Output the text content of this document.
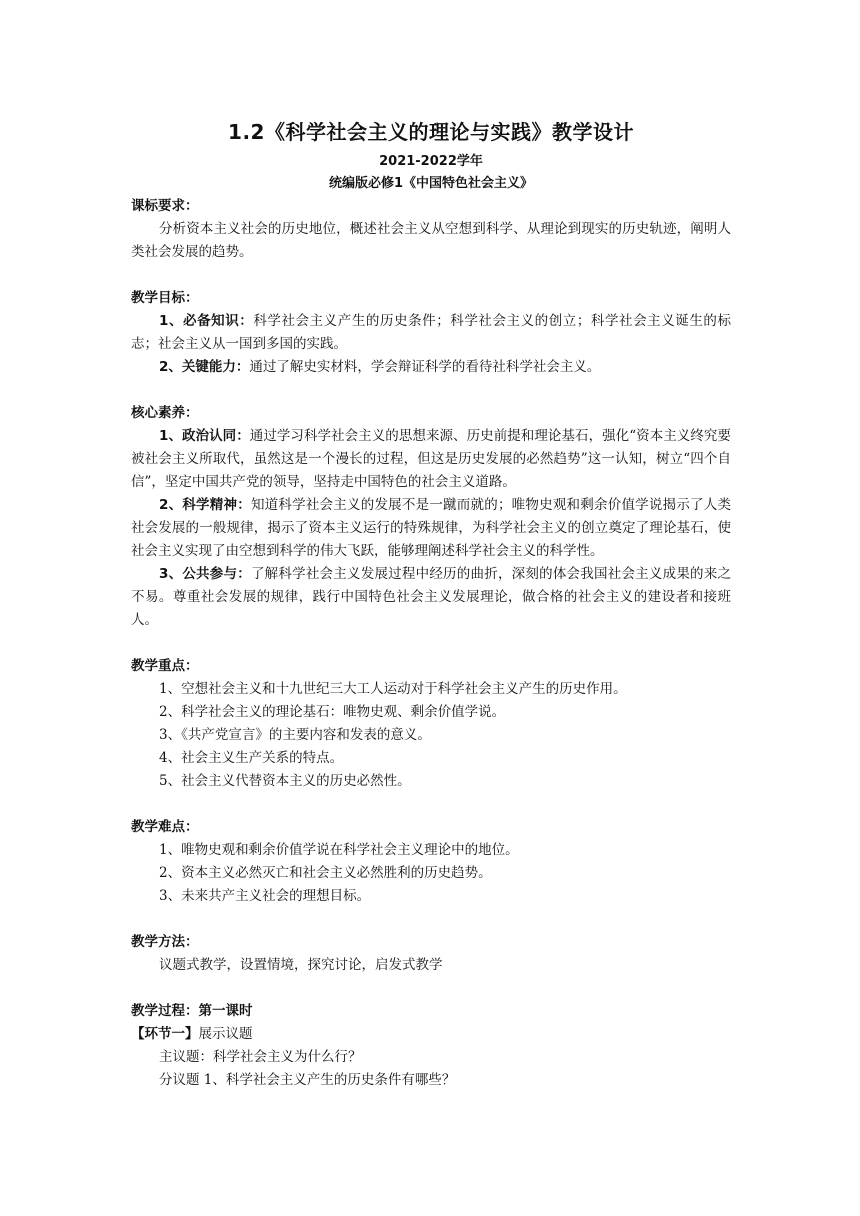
1.2《科学社会主义的理论与实践》教学设计
2021-2022学年
统编版必修1《中国特色社会主义》
课标要求：

分析资本主义社会的历史地位，概述社会主义从空想到科学、从理论到现实的历史轨迹，阐明人类社会发展的趋势。

教学目标：

1、必备知识：科学社会主义产生的历史条件；科学社会主义的创立；科学社会主义诞生的标志；社会主义从一国到多国的实践。

2、关键能力：通过了解史实材料，学会辩证科学的看待社科学社会主义。

核心素养：

1、政治认同：通过学习科学社会主义的思想来源、历史前提和理论基石，强化“资本主义终究要被社会主义所取代，虽然这是一个漫长的过程，但这是历史发展的必然趋势”这一认知，树立“四个自信”，坚定中国共产党的领导，坚持走中国特色的社会主义道路。

2、科学精神：知道科学社会主义的发展不是一蹴而就的；唯物史观和剩余价值学说揭示了人类社会发展的一般规律，揭示了资本主义运行的特殊规律，为科学社会主义的创立奠定了理论基石，使社会主义实现了由空想到科学的伟大飞跃，能够理阐述科学社会主义的科学性。

3、公共参与：了解科学社会主义发展过程中经历的曲折，深刻的体会我国社会主义成果的来之不易。尊重社会发展的规律，践行中国特色社会主义发展理论，做合格的社会主义的建设者和接班人。

教学重点：

1、空想社会主义和十九世纪三大工人运动对于科学社会主义产生的历史作用。

2、科学社会主义的理论基石：唯物史观、剩余价值学说。

3、《共产党宣言》的主要内容和发表的意义。

4、社会主义生产关系的特点。

5、社会主义代替资本主义的历史必然性。

教学难点：

1、唯物史观和剩余价值学说在科学社会主义理论中的地位。

2、资本主义必然灭亡和社会主义必然胜利的历史趋势。

3、未来共产主义社会的理想目标。

教学方法：

议题式教学，设置情境，探究讨论，启发式教学

教学过程：第一课时
【环节一】展示议题

主议题：科学社会主义为什么行？

分议题 1、科学社会主义产生的历史条件有哪些？
